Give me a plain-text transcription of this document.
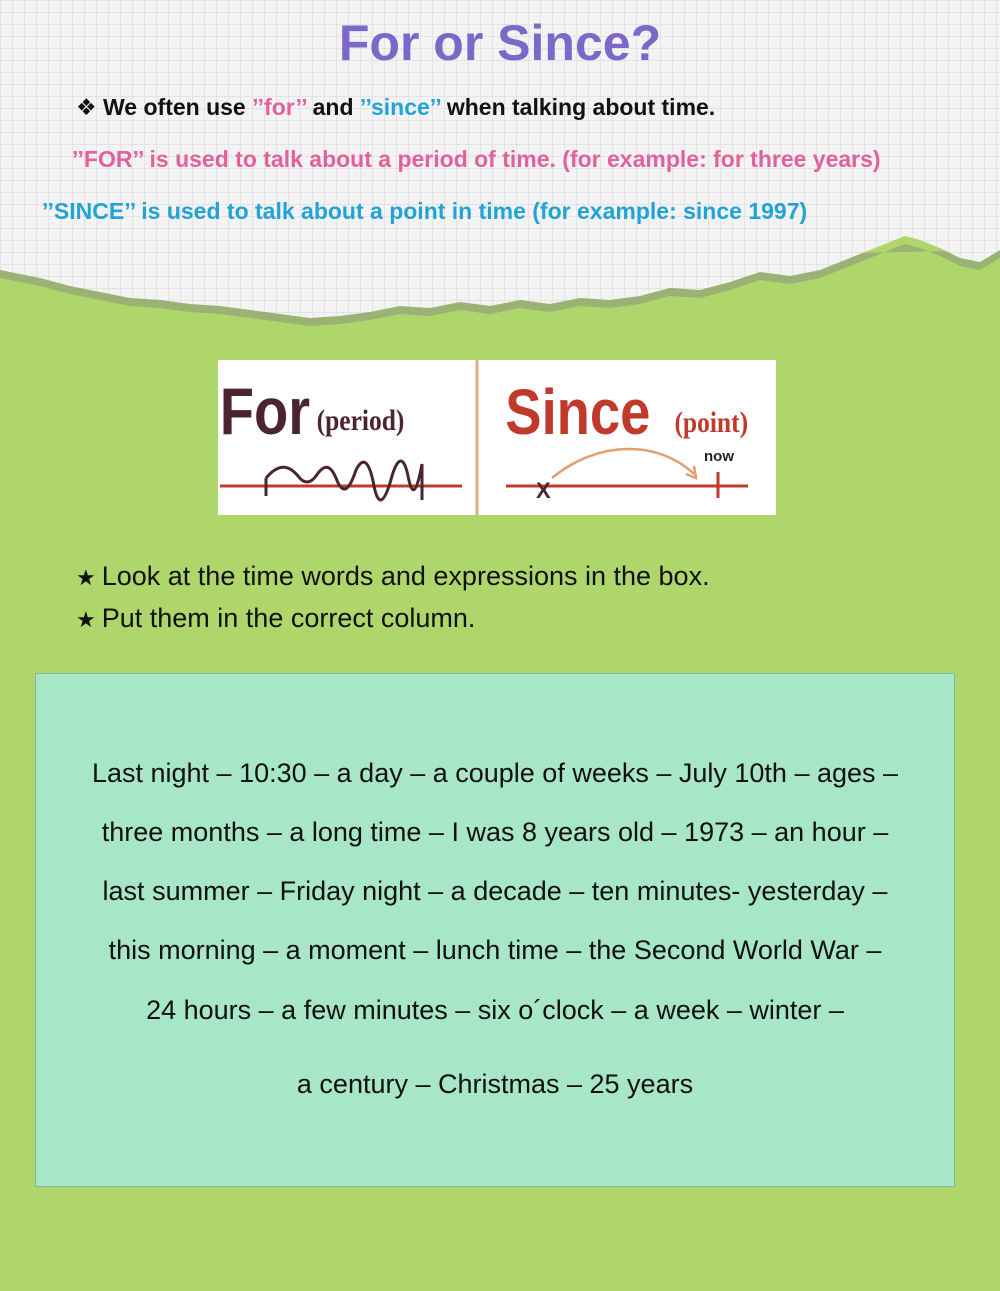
For or Since?
❖ We often use ’’for’’ and ’’since’’ when talking about time.
’’FOR’’ is used to talk about a period of time. (for example: for three years)
’’SINCE’’ is used to talk about a point in time (for example: since 1997)
For (period) Since (point)
X
now
★ Look at the time words and expressions in the box.
★ Put them in the correct column.
Last night – 10:30 – a day – a couple of weeks – July 10th – ages –
three months – a long time – I was 8 years old – 1973 – an hour –
last summer – Friday night – a decade – ten minutes- yesterday –
this morning – a moment – lunch time – the Second World War –
24 hours – a few minutes – six o´clock – a week – winter –
a century – Christmas – 25 years
